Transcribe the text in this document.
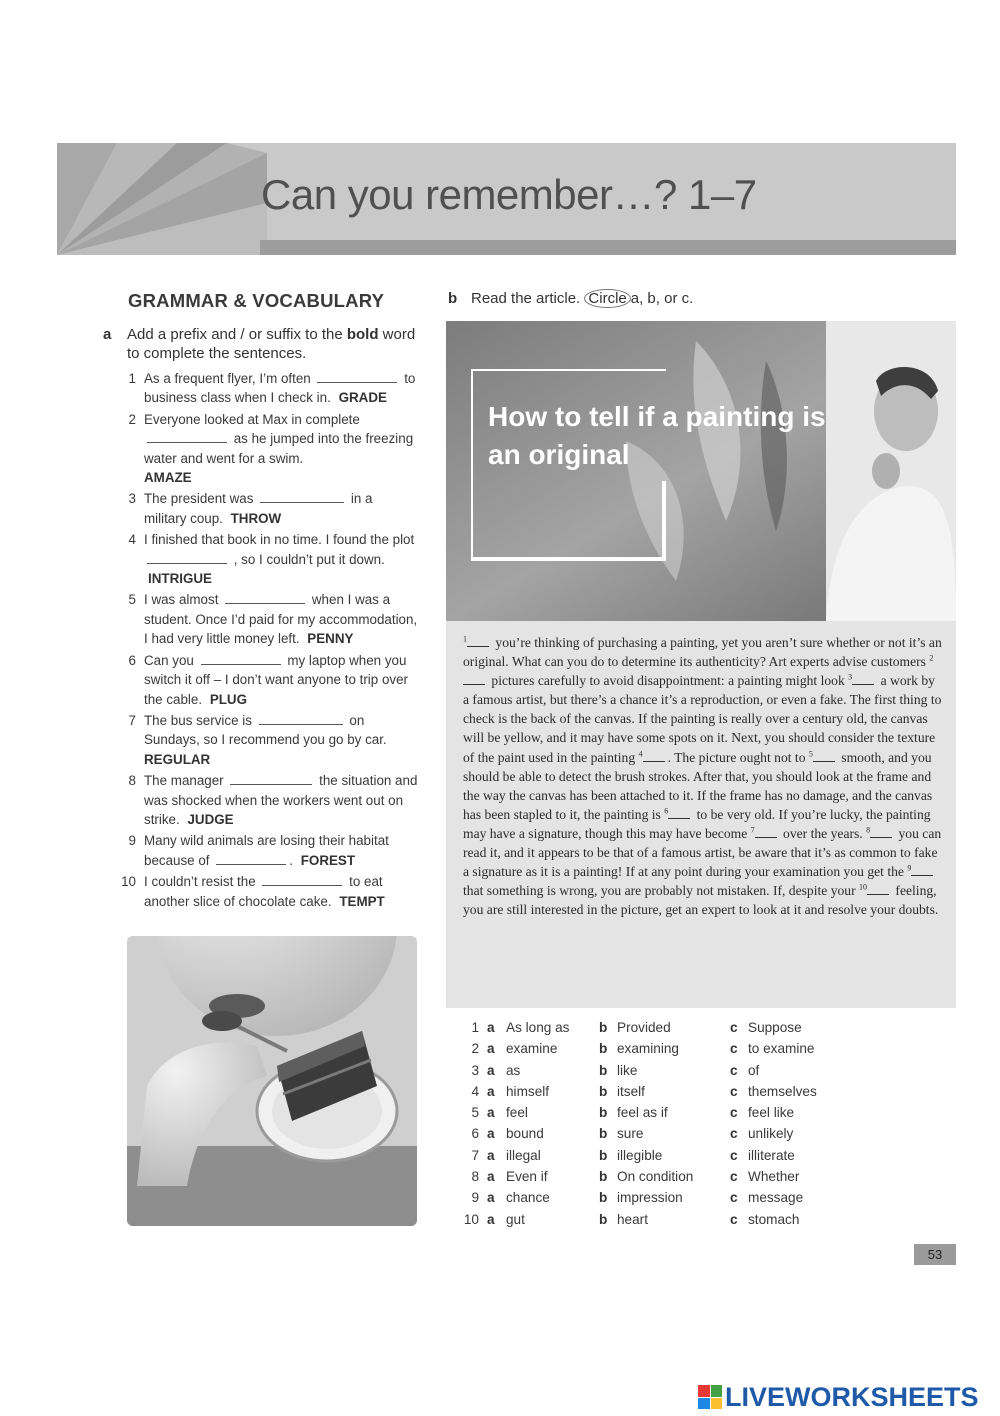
Can you remember…? 1–7
GRAMMAR & VOCABULARY
a Add a prefix and / or suffix to the bold word to complete the sentences.
1 As a frequent flyer, I’m often	to business class when I check in. GRADE
2 Everyone looked at Max in complete  as he jumped into the freezing water and went for a swim.
AMAZE
3 The president was	in a military coup. THROW
4 I finished that book in no time. I found the plot  , so I couldn’t put it down. INTRIGUE
5 I was almost	when I was a student. Once I’d paid for my accommodation, I had very little money left. PENNY
6 Can you	my laptop when you switch it off – I don’t want anyone to trip over the cable. PLUG
7 The bus service is	on Sundays, so I recommend you go by car.
REGULAR
8 The manager	the situation and was shocked when the workers went out on strike. JUDGE
9 Many wild animals are losing their habitat because of	. FOREST
10 I couldn’t resist the	to eat another slice of chocolate cake. TEMPT
b Read the article. Circle a, b, or c.
How to tell if a painting is an original
$^1$ you’re thinking of purchasing a painting, yet you aren’t sure whether or not it’s an original. What can you do to determine its authenticity? Art experts advise customers $^2$ pictures carefully to avoid disappointment: a painting might look $^3$ a work by a famous artist, but there’s a chance it’s a reproduction, or even a fake. The first thing to check is the back of the canvas. If the painting is really over a century old, the canvas will be yellow, and it may have some spots on it. Next, you should consider the texture of the paint used in the painting $^4$ . The picture ought not to $^5$ smooth, and you should be able to detect the brush strokes. After that, you should look at the frame and the way the canvas has been attached to it. If the frame has no damage, and the canvas has been stapled to it, the painting is $^6$ to be very old. If you’re lucky, the painting may have a signature, though this may have become $^7$ over the years. $^8$ you can read it, and it appears to be that of a famous artist, be aware that it’s as common to fake a signature as it is a painting! If at any point during your examination you get the $^9$ that something is wrong, you are probably not mistaken. If, despite your $^{10}$ feeling, you are still interested in the picture, get an expert to look at it and resolve your doubts.
1 a As long as b Provided	c Suppose
2 a examine	b examining	c to examine
3 a as	b like	c of
4 a himself	b itself	c themselves
5 a feel	b feel as if	c feel like
6 a bound	b sure	c unlikely
7 a illegal	b illegible	c illiterate
8 a Even if	b On condition	c Whether
9 a chance	b impression	c message
10 a gut	b heart	c stomach
53
LIVEWORKSHEETS
